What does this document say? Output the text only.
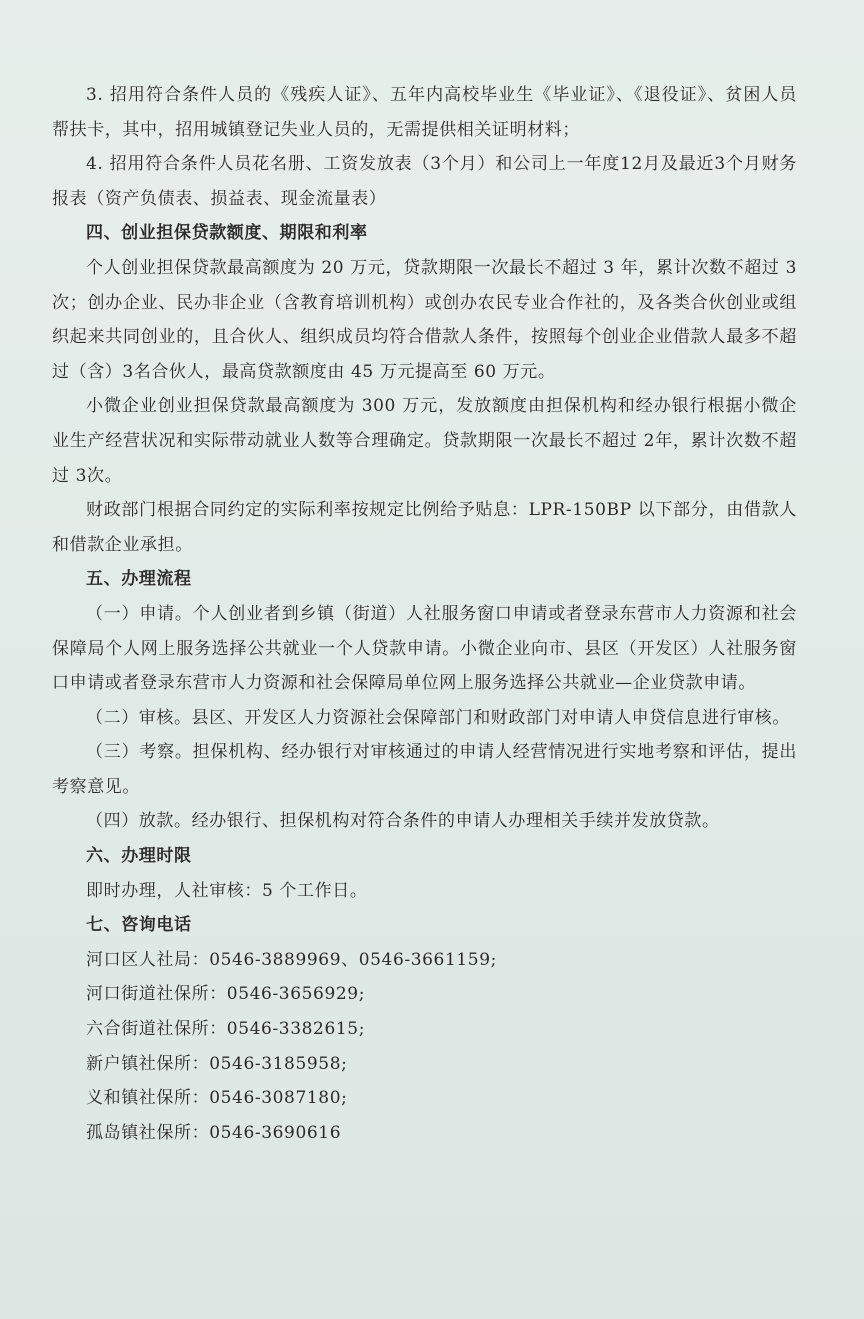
3. 招用符合条件人员的《残疾人证》、五年内高校毕业生《毕业证》、《退役证》、贫困人员帮扶卡，其中，招用城镇登记失业人员的，无需提供相关证明材料；

4. 招用符合条件人员花名册、工资发放表（3个月）和公司上一年度12月及最近3个月财务报表（资产负债表、损益表、现金流量表）

四、创业担保贷款额度、期限和利率

个人创业担保贷款最高额度为 20 万元，贷款期限一次最长不超过 3 年，累计次数不超过 3次；创办企业、民办非企业（含教育培训机构）或创办农民专业合作社的，及各类合伙创业或组织起来共同创业的，且合伙人、组织成员均符合借款人条件，按照每个创业企业借款人最多不超过（含）3名合伙人，最高贷款额度由 45 万元提高至 60 万元。

小微企业创业担保贷款最高额度为 300 万元，发放额度由担保机构和经办银行根据小微企业生产经营状况和实际带动就业人数等合理确定。贷款期限一次最长不超过 2年，累计次数不超过 3次。

财政部门根据合同约定的实际利率按规定比例给予贴息：LPR-150BP 以下部分，由借款人和借款企业承担。

五、办理流程

（一）申请。个人创业者到乡镇（街道）人社服务窗口申请或者登录东营市人力资源和社会保障局个人网上服务选择公共就业一个人贷款申请。小微企业向市、县区（开发区）人社服务窗口申请或者登录东营市人力资源和社会保障局单位网上服务选择公共就业—企业贷款申请。

（二）审核。县区、开发区人力资源社会保障部门和财政部门对申请人申贷信息进行审核。

（三）考察。担保机构、经办银行对审核通过的申请人经营情况进行实地考察和评估，提出考察意见。

（四）放款。经办银行、担保机构对符合条件的申请人办理相关手续并发放贷款。

六、办理时限

即时办理，人社审核：5 个工作日。

七、咨询电话

河口区人社局：0546-3889969、0546-3661159;

河口街道社保所：0546-3656929;

六合街道社保所：0546-3382615;

新户镇社保所：0546-3185958;

义和镇社保所：0546-3087180;

孤岛镇社保所：0546-3690616
